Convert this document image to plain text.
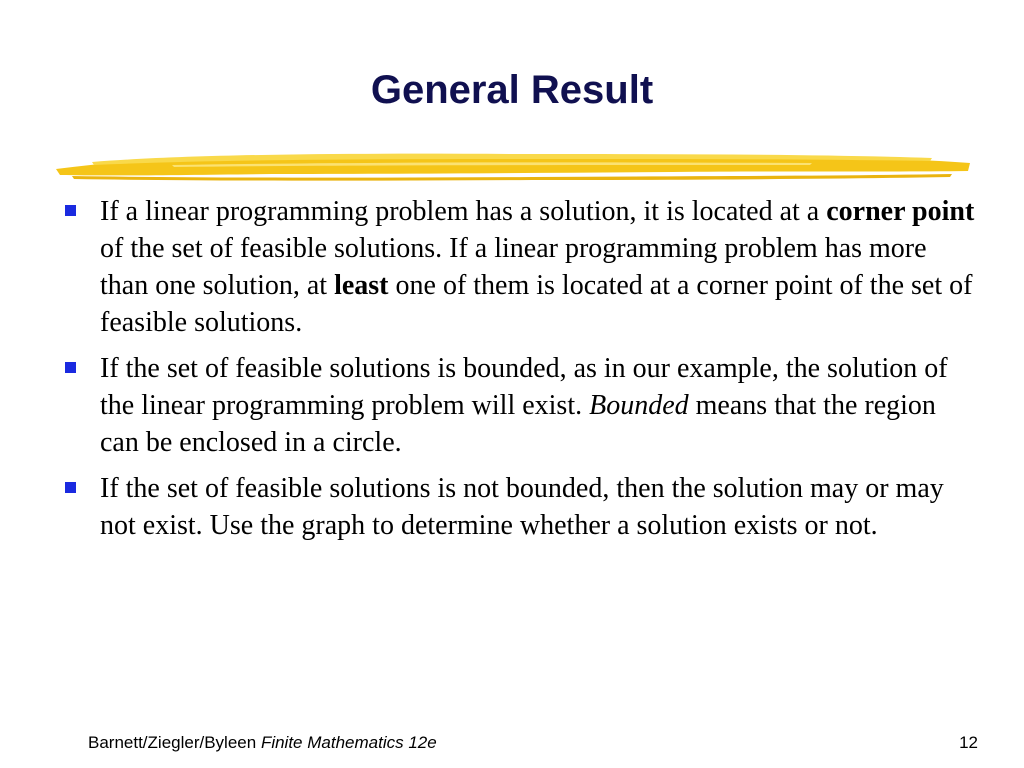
General Result
If a linear programming problem has a solution, it is located at a corner point of the set of feasible solutions. If a linear programming problem has more than one solution, at least one of them is located at a corner point of the set of feasible solutions.
If the set of feasible solutions is bounded, as in our example, the solution of the linear programming problem will exist. Bounded means that the region can be enclosed in a circle.
If the set of feasible solutions is not bounded, then the solution may or may not exist. Use the graph to determine whether a solution exists or not.
Barnett/Ziegler/Byleen Finite Mathematics 12e	12
